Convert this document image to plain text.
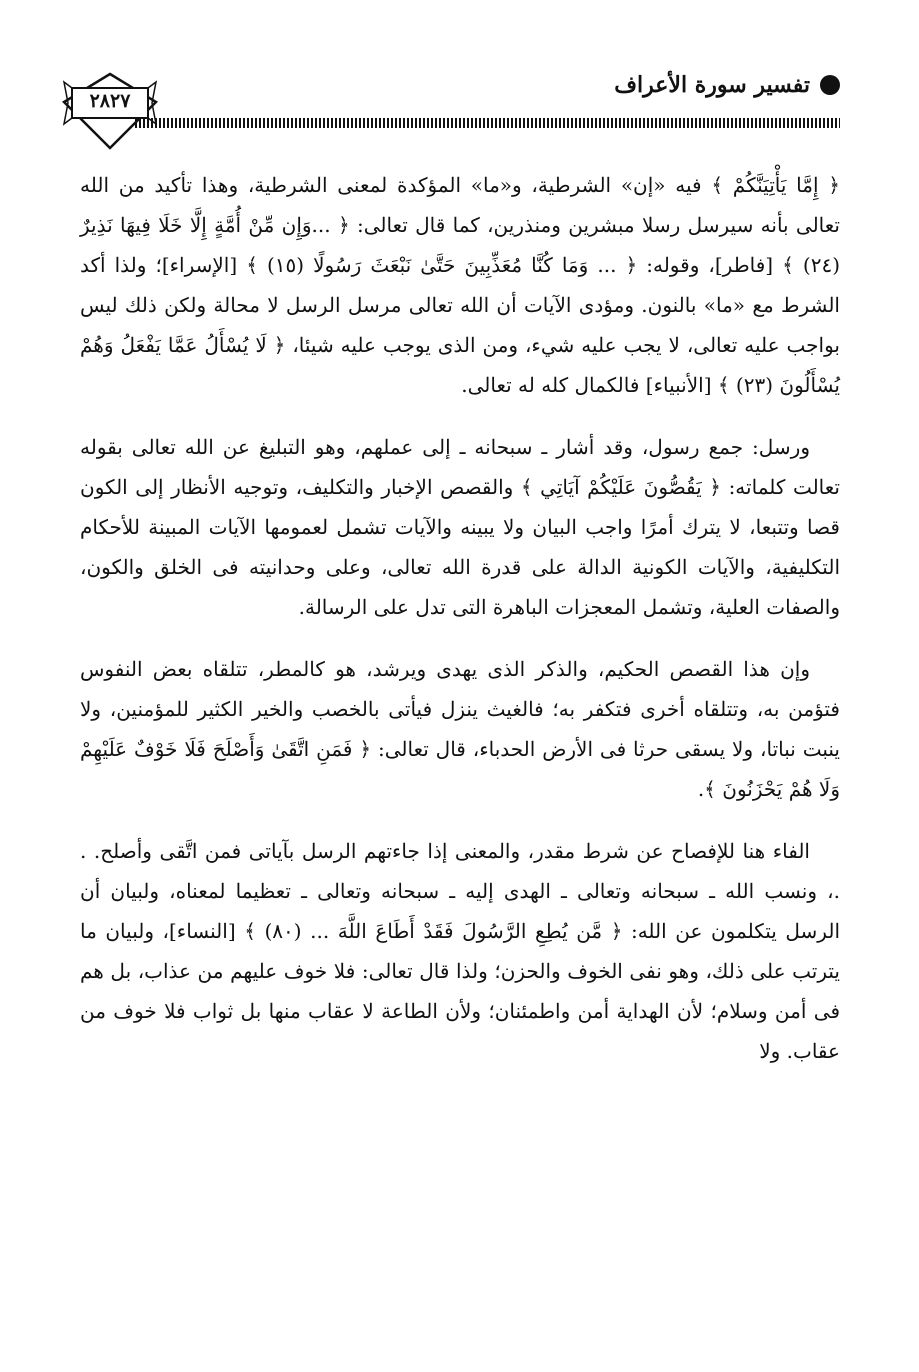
تفسير سورة الأعراف
٢٨٢٧

﴿ إِمَّا يَأْتِيَنَّكُمْ ﴾ فيه «إن» الشرطية، و«ما» المؤكدة لمعنى الشرطية، وهذا تأكيد من الله تعالى بأنه سيرسل رسلا مبشرين ومنذرين، كما قال تعالى: ﴿ ...وَإِن مِّنْ أُمَّةٍ إِلَّا خَلَا فِيهَا نَذِيرٌ (٢٤) ﴾ [فاطر]، وقوله: ﴿ ... وَمَا كُنَّا مُعَذِّبِينَ حَتَّىٰ نَبْعَثَ رَسُولًا (١٥) ﴾ [الإسراء]؛ ولذا أكد الشرط مع «ما» بالنون. ومؤدى الآيات أن الله تعالى مرسل الرسل لا محالة ولكن ذلك ليس بواجب عليه تعالى، لا يجب عليه شيء، ومن الذى يوجب عليه شيئا، ﴿ لَا يُسْأَلُ عَمَّا يَفْعَلُ وَهُمْ يُسْأَلُونَ (٢٣) ﴾ [الأنبياء] فالكمال كله له تعالى.

ورسل: جمع رسول، وقد أشار ـ سبحانه ـ إلى عملهم، وهو التبليغ عن الله تعالى بقوله تعالت كلماته: ﴿ يَقُصُّونَ عَلَيْكُمْ آيَاتِي ﴾ والقصص الإخبار والتكليف، وتوجيه الأنظار إلى الكون قصا وتتبعا، لا يترك أمرًا واجب البيان ولا يبينه والآيات تشمل لعمومها الآيات المبينة للأحكام التكليفية، والآيات الكونية الدالة على قدرة الله تعالى، وعلى وحدانيته فى الخلق والكون، والصفات العلية، وتشمل المعجزات الباهرة التى تدل على الرسالة.

وإن هذا القصص الحكيم، والذكر الذى يهدى ويرشد، هو كالمطر، تتلقاه بعض النفوس فتؤمن به، وتتلقاه أخرى فتكفر به؛ فالغيث ينزل فيأتى بالخصب والخير الكثير للمؤمنين، ولا ينبت نباتا، ولا يسقى حرثا فى الأرض الحدباء، قال تعالى: ﴿ فَمَنِ اتَّقَىٰ وَأَصْلَحَ فَلَا خَوْفٌ عَلَيْهِمْ وَلَا هُمْ يَحْزَنُونَ ﴾.

الفاء هنا للإفصاح عن شرط مقدر، والمعنى إذا جاءتهم الرسل بآياتى فمن اتَّقى وأصلح. . .، ونسب الله ـ سبحانه وتعالى ـ الهدى إليه ـ سبحانه وتعالى ـ تعظيما لمعناه، ولبيان أن الرسل يتكلمون عن الله: ﴿ مَّن يُطِعِ الرَّسُولَ فَقَدْ أَطَاعَ اللَّهَ ... (٨٠) ﴾ [النساء]، ولبيان ما يترتب على ذلك، وهو نفى الخوف والحزن؛ ولذا قال تعالى: فلا خوف عليهم من عذاب، بل هم فى أمن وسلام؛ لأن الهداية أمن واطمئنان؛ ولأن الطاعة لا عقاب منها بل ثواب فلا خوف من عقاب. ولا
